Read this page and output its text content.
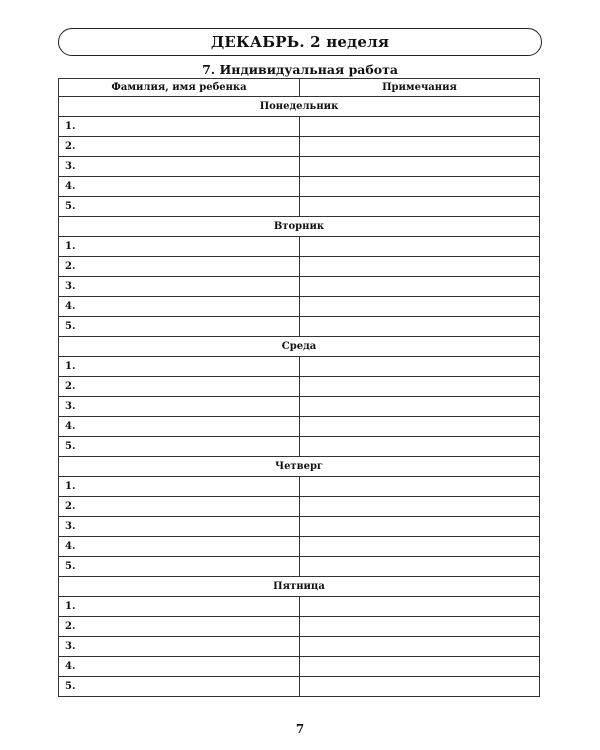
ДЕКАБРЬ. 2 неделя
7. Индивидуальная работа
Фамилия, имя ребенка	Примечания
Понедельник	
1.	
2.	
3.	
4.	
5.	
Вторник	
1.	
2.	
3.	
4.	
5.	
Среда	
1.	
2.	
3.	
4.	
5.	
Четверг	
1.	
2.	
3.	
4.	
5.	
Пятница	
1.	
2.	
3.	
4.	
5.	
7
